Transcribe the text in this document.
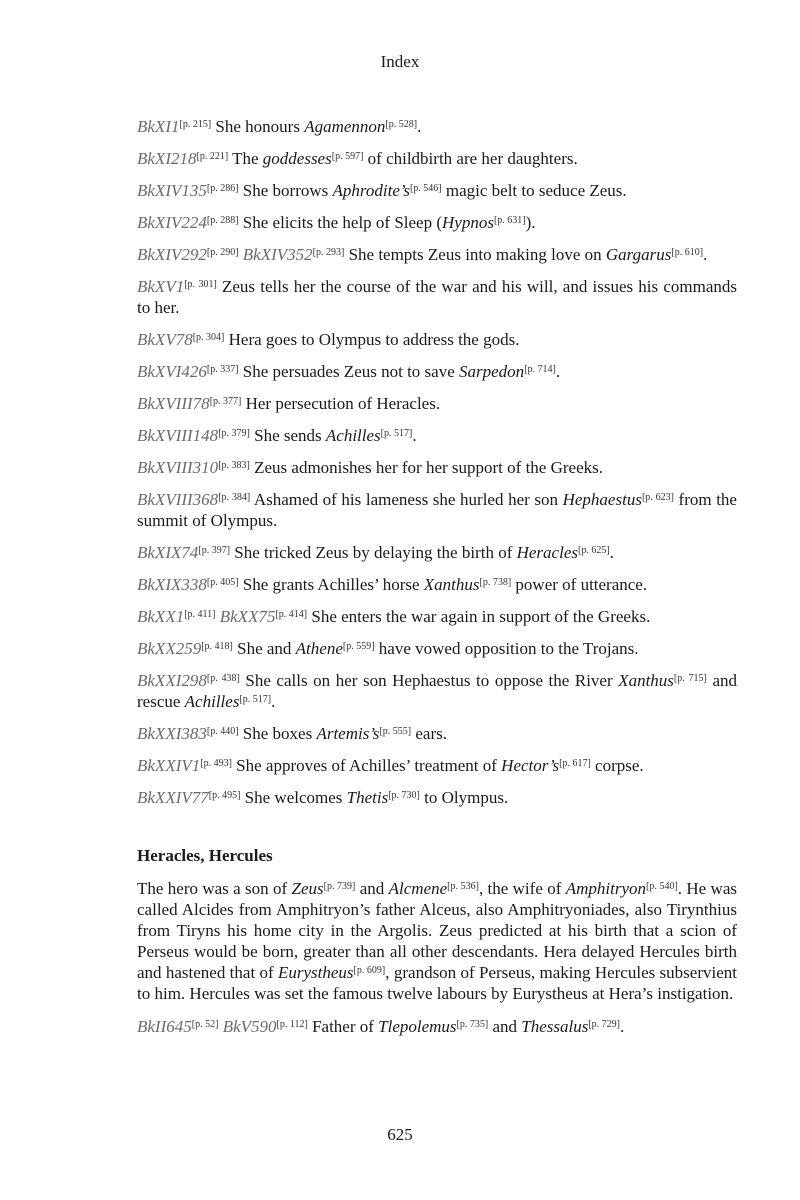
Index
BkXI1[p. 215] She honours Agamennon[p. 528].
BkXI218[p. 221] The goddesses[p. 597] of childbirth are her daughters.
BkXIV135[p. 286] She borrows Aphrodite’s[p. 546] magic belt to seduce Zeus.
BkXIV224[p. 288] She elicits the help of Sleep (Hypnos[p. 631]).
BkXIV292[p. 290] BkXIV352[p. 293] She tempts Zeus into making love on Gargarus[p. 610].
BkXV1[p. 301] Zeus tells her the course of the war and his will, and issues his commands to her.
BkXV78[p. 304] Hera goes to Olympus to address the gods.
BkXVI426[p. 337] She persuades Zeus not to save Sarpedon[p. 714].
BkXVIII78[p. 377] Her persecution of Heracles.
BkXVIII148[p. 379] She sends Achilles[p. 517].
BkXVIII310[p. 383] Zeus admonishes her for her support of the Greeks.
BkXVIII368[p. 384] Ashamed of his lameness she hurled her son Hephaestus[p. 623] from the summit of Olympus.
BkXIX74[p. 397] She tricked Zeus by delaying the birth of Heracles[p. 625].
BkXIX338[p. 405] She grants Achilles’ horse Xanthus[p. 738] power of utterance.
BkXX1[p. 411] BkXX75[p. 414] She enters the war again in support of the Greeks.
BkXX259[p. 418] She and Athene[p. 559] have vowed opposition to the Trojans.
BkXXI298[p. 438] She calls on her son Hephaestus to oppose the River Xanthus[p. 715] and rescue Achilles[p. 517].
BkXXI383[p. 440] She boxes Artemis’s[p. 555] ears.
BkXXIV1[p. 493] She approves of Achilles’ treatment of Hector’s[p. 617] corpse.
BkXXIV77[p. 495] She welcomes Thetis[p. 730] to Olympus.
Heracles, Hercules
The hero was a son of Zeus[p. 739] and Alcmene[p. 536], the wife of Amphitryon[p. 540]. He was called Alcides from Amphitryon’s father Alceus, also Amphitryoniades, also Tirynthius from Tiryns his home city in the Argolis. Zeus predicted at his birth that a scion of Perseus would be born, greater than all other descendants. Hera delayed Hercules birth and hastened that of Eurystheus[p. 609], grandson of Perseus, making Hercules subservient to him. Hercules was set the famous twelve labours by Eurystheus at Hera’s instigation.
BkII645[p. 52] BkV590[p. 112] Father of Tlepolemus[p. 735] and Thessalus[p. 729].
625
